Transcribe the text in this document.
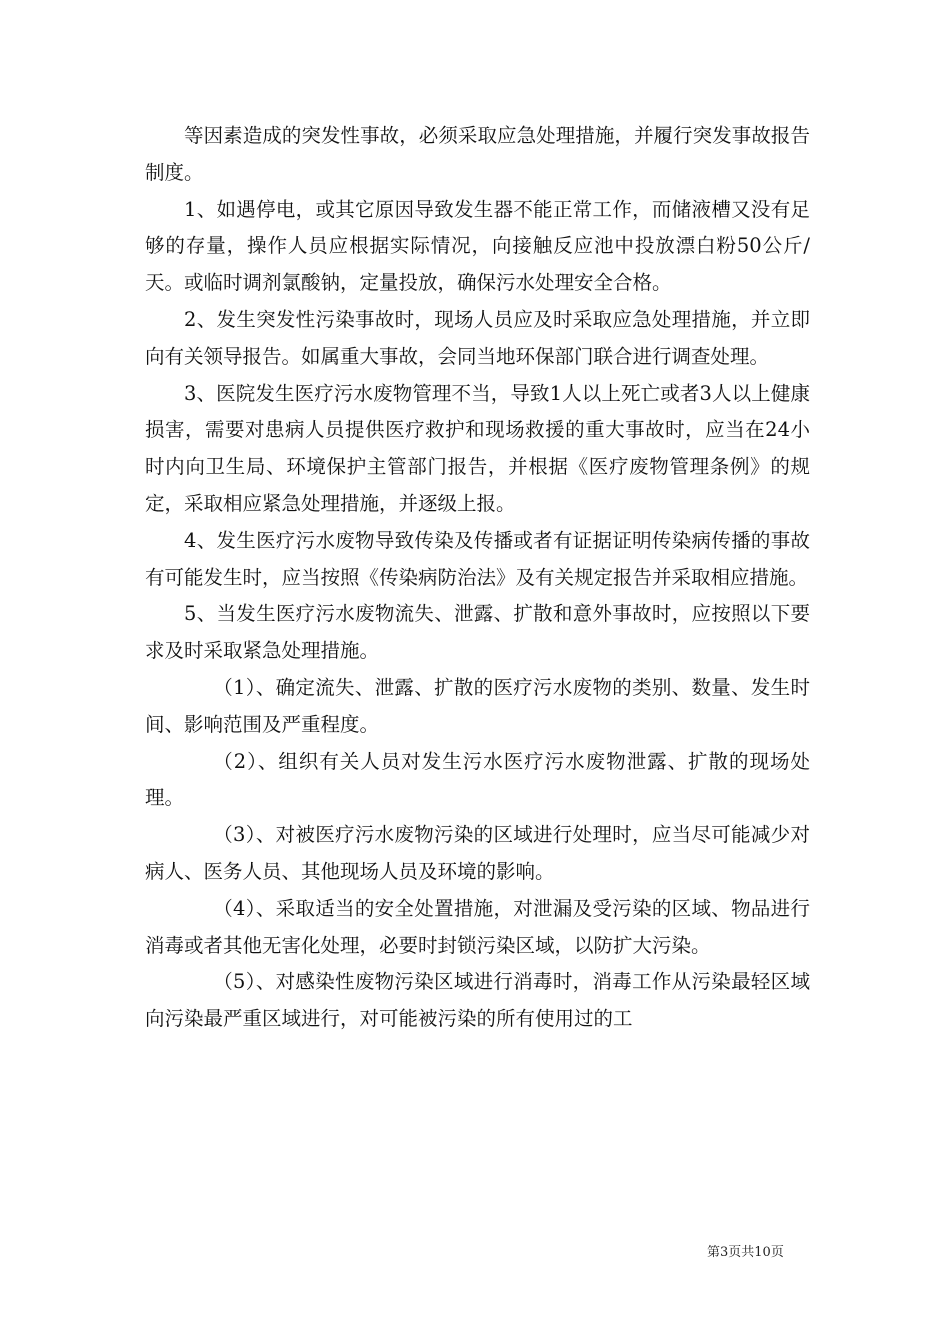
等因素造成的突发性事故，必须采取应急处理措施，并履行突发事故报告制度。

1、如遇停电，或其它原因导致发生器不能正常工作，而储液槽又没有足够的存量，操作人员应根据实际情况，向接触反应池中投放漂白粉50公斤/天。或临时调剂氯酸钠，定量投放，确保污水处理安全合格。

2、发生突发性污染事故时，现场人员应及时采取应急处理措施，并立即向有关领导报告。如属重大事故，会同当地环保部门联合进行调查处理。

3、医院发生医疗污水废物管理不当，导致1人以上死亡或者3人以上健康损害，需要对患病人员提供医疗救护和现场救援的重大事故时，应当在24小时内向卫生局、环境保护主管部门报告，并根据《医疗废物管理条例》的规定，采取相应紧急处理措施，并逐级上报。

4、发生医疗污水废物导致传染及传播或者有证据证明传染病传播的事故有可能发生时，应当按照《传染病防治法》及有关规定报告并采取相应措施。

5、当发生医疗污水废物流失、泄露、扩散和意外事故时，应按照以下要求及时采取紧急处理措施。

（1）、确定流失、泄露、扩散的医疗污水废物的类别、数量、发生时间、影响范围及严重程度。

（2）、组织有关人员对发生污水医疗污水废物泄露、扩散的现场处理。

（3）、对被医疗污水废物污染的区域进行处理时，应当尽可能减少对病人、医务人员、其他现场人员及环境的影响。

（4）、采取适当的安全处置措施，对泄漏及受污染的区域、物品进行消毒或者其他无害化处理，必要时封锁污染区域，以防扩大污染。

（5）、对感染性废物污染区域进行消毒时，消毒工作从污染最轻区域向污染最严重区域进行，对可能被污染的所有使用过的工

第3页共10页
